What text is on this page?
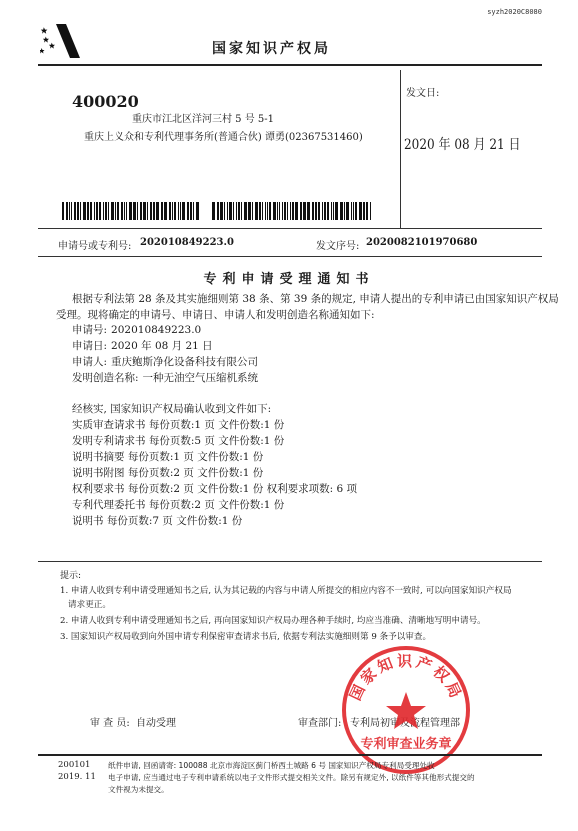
syzh2020C8080
国家知识产权局
400020
重庆市江北区洋河三村 5 号 5-1
重庆上义众和专利代理事务所(普通合伙) 谭勇(02367531460)
发文日:
2020 年 08 月 21 日
申请号或专利号: 202010849223.0	发文序号: 2020082101970680
专利申请受理通知书
根据专利法第 28 条及其实施细则第 38 条、第 39 条的规定, 申请人提出的专利申请已由国家知识产权局
受理。现将确定的申请号、申请日、申请人和发明创造名称通知如下:
申请号: 202010849223.0
申请日: 2020 年 08 月 21 日
申请人: 重庆鲍斯净化设备科技有限公司
发明创造名称: 一种无油空气压缩机系统
经核实, 国家知识产权局确认收到文件如下:
实质审查请求书 每份页数:1 页 文件份数:1 份
发明专利请求书 每份页数:5 页 文件份数:1 份
说明书摘要 每份页数:1 页 文件份数:1 份
说明书附图 每份页数:2 页 文件份数:1 份
权利要求书 每份页数:2 页 文件份数:1 份 权利要求项数: 6 项
专利代理委托书 每份页数:2 页 文件份数:1 份
说明书 每份页数:7 页 文件份数:1 份
提示:
1. 申请人收到专利申请受理通知书之后, 认为其记载的内容与申请人所提交的相应内容不一致时, 可以向国家知识产权局
请求更正。
2. 申请人收到专利申请受理通知书之后, 再向国家知识产权局办理各种手续时, 均应当准确、清晰地写明申请号。
3. 国家知识产权局收到向外国申请专利保密审查请求书后, 依据专利法实施细则第 9 条予以审查。
审 查 员: 自动受理	审查部门: 专利局初审及流程管理部
国家知识产权局
专利审查业务章
200101
2019. 11
纸件申请, 回函请寄: 100088 北京市海淀区蓟门桥西土城路 6 号 国家知识产权局专利局受理处收
电子申请, 应当通过电子专利申请系统以电子文件形式提交相关文件。除另有规定外, 以纸件等其他形式提交的
文件视为未提交。
